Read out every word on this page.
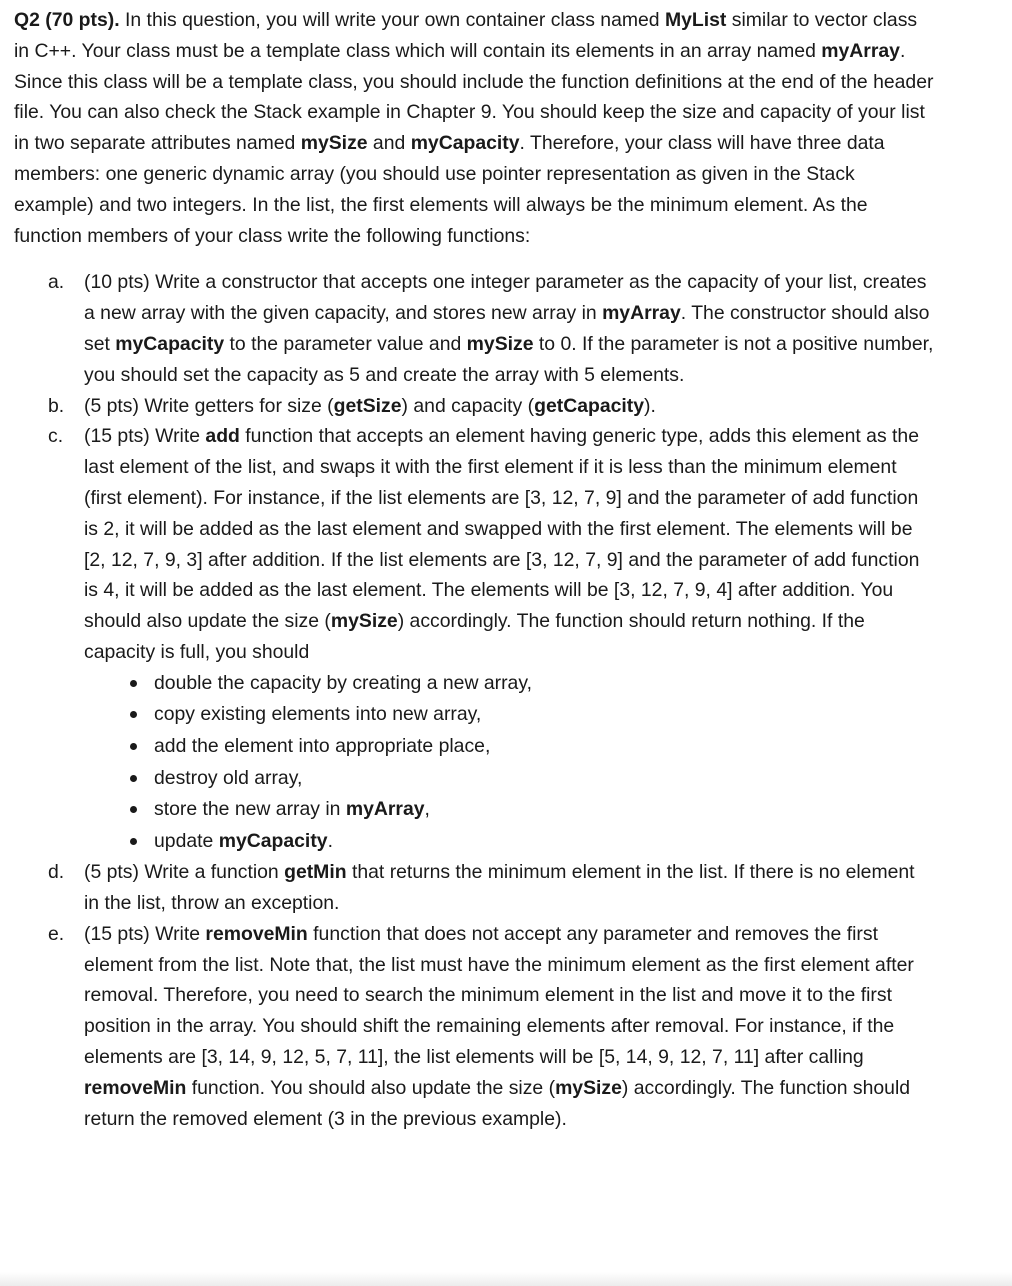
Q2 (70 pts). In this question, you will write your own container class named MyList similar to vector class in C++. Your class must be a template class which will contain its elements in an array named myArray. Since this class will be a template class, you should include the function definitions at the end of the header file. You can also check the Stack example in Chapter 9. You should keep the size and capacity of your list in two separate attributes named mySize and myCapacity. Therefore, your class will have three data members: one generic dynamic array (you should use pointer representation as given in the Stack example) and two integers. In the list, the first elements will always be the minimum element. As the function members of your class write the following functions:

a.	(10 pts) Write a constructor that accepts one integer parameter as the capacity of your list, creates a new array with the given capacity, and stores new array in myArray. The constructor should also set myCapacity to the parameter value and mySize to 0. If the parameter is not a positive number, you should set the capacity as 5 and create the array with 5 elements.
b.	(5 pts) Write getters for size (getSize) and capacity (getCapacity).
c.	(15 pts) Write add function that accepts an element having generic type, adds this element as the last element of the list, and swaps it with the first element if it is less than the minimum element (first element). For instance, if the list elements are [3, 12, 7, 9] and the parameter of add function is 2, it will be added as the last element and swapped with the first element. The elements will be [2, 12, 7, 9, 3] after addition. If the list elements are [3, 12, 7, 9] and the parameter of add function is 4, it will be added as the last element. The elements will be [3, 12, 7, 9, 4] after addition. You should also update the size (mySize) accordingly. The function should return nothing. If the capacity is full, you should
double the capacity by creating a new array,
copy existing elements into new array,
add the element into appropriate place,
destroy old array,
store the new array in myArray,
update myCapacity.
d.	(5 pts) Write a function getMin that returns the minimum element in the list. If there is no element in the list, throw an exception.
e.	(15 pts) Write removeMin function that does not accept any parameter and removes the first element from the list. Note that, the list must have the minimum element as the first element after removal. Therefore, you need to search the minimum element in the list and move it to the first position in the array. You should shift the remaining elements after removal. For instance, if the elements are [3, 14, 9, 12, 5, 7, 11], the list elements will be [5, 14, 9, 12, 7, 11] after calling removeMin function. You should also update the size (mySize) accordingly. The function should return the removed element (3 in the previous example).
